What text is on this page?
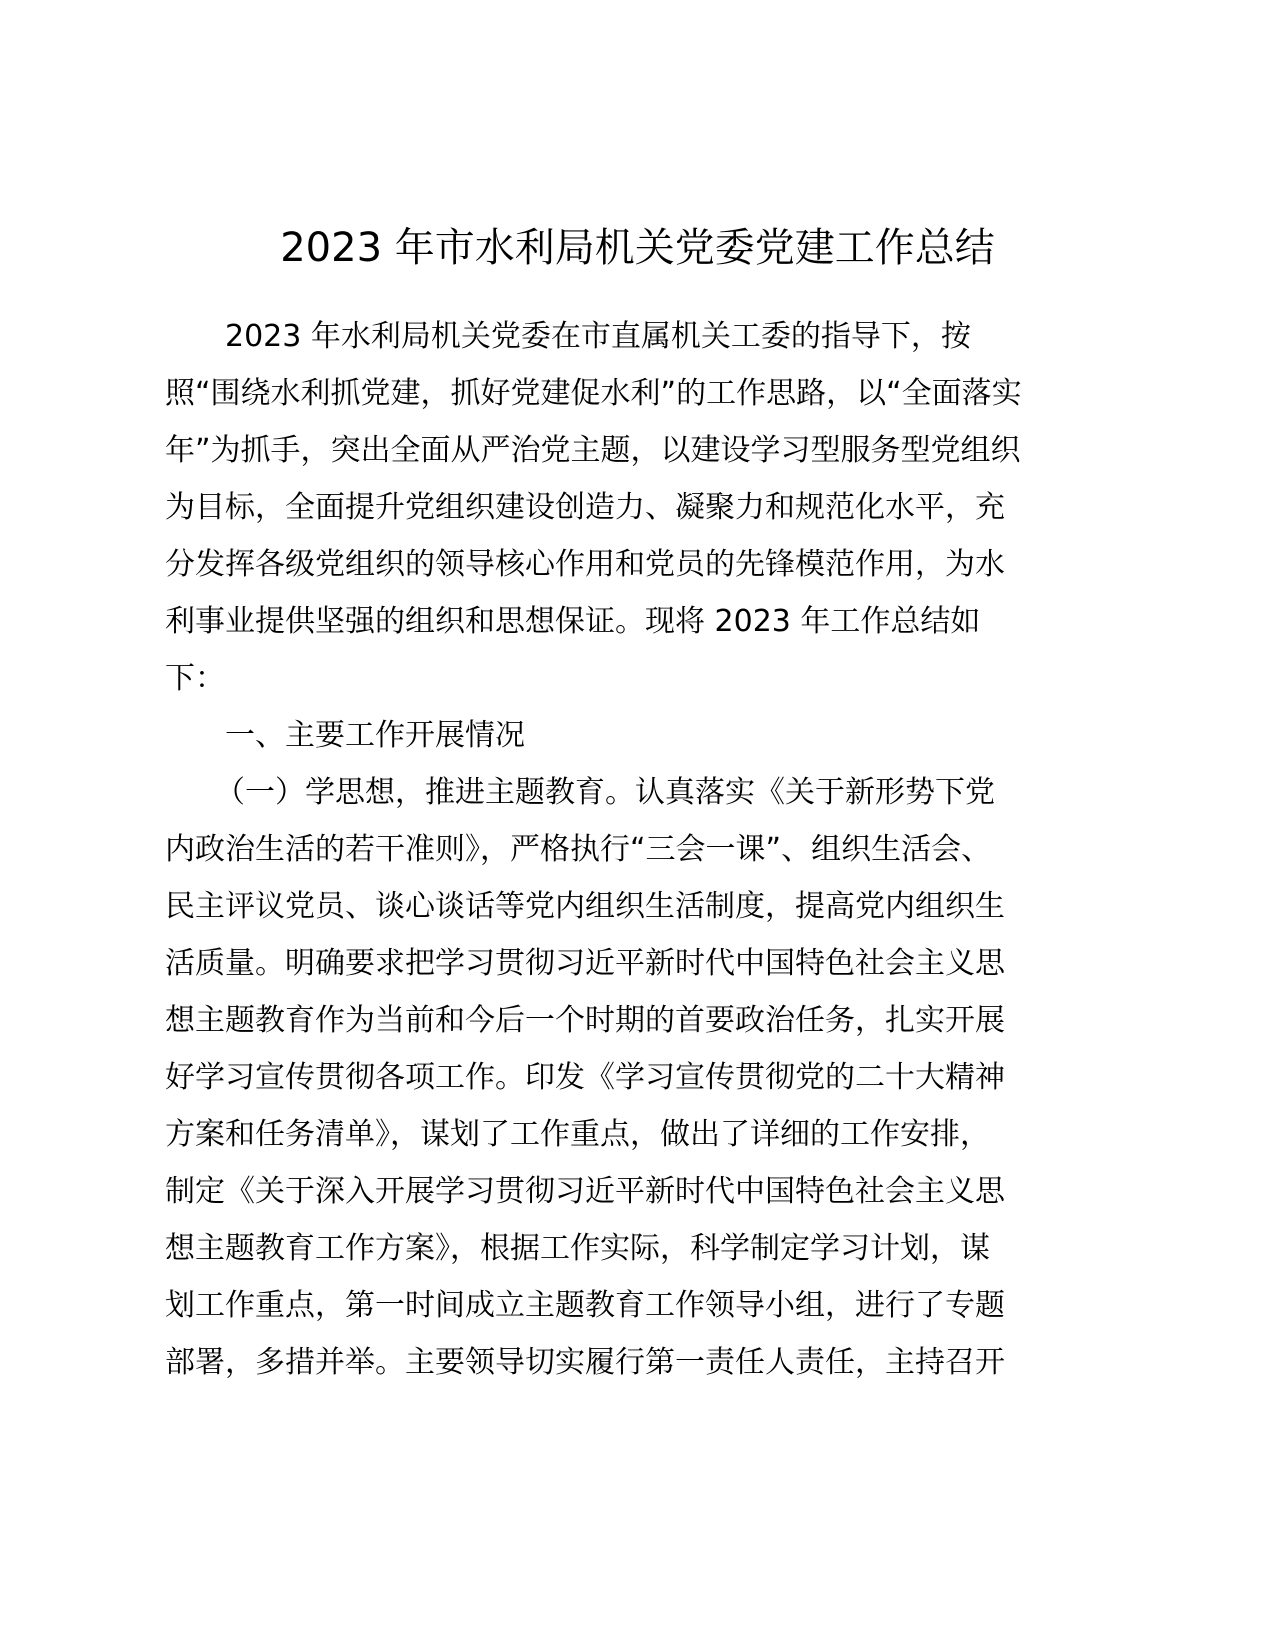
2023 年市水利局机关党委党建工作总结
2023 年水利局机关党委在市直属机关工委的指导下，按
照“围绕水利抓党建，抓好党建促水利”的工作思路，以“全面落实
年”为抓手，突出全面从严治党主题，以建设学习型服务型党组织
为目标，全面提升党组织建设创造力、凝聚力和规范化水平，充
分发挥各级党组织的领导核心作用和党员的先锋模范作用，为水
利事业提供坚强的组织和思想保证。现将 2023 年工作总结如
下：
一、主要工作开展情况
（一）学思想，推进主题教育。认真落实《关于新形势下党
内政治生活的若干准则》，严格执行“三会一课”、组织生活会、
民主评议党员、谈心谈话等党内组织生活制度，提高党内组织生
活质量。明确要求把学习贯彻习近平新时代中国特色社会主义思
想主题教育作为当前和今后一个时期的首要政治任务，扎实开展
好学习宣传贯彻各项工作。印发《学习宣传贯彻党的二十大精神
方案和任务清单》，谋划了工作重点，做出了详细的工作安排，
制定《关于深入开展学习贯彻习近平新时代中国特色社会主义思
想主题教育工作方案》，根据工作实际，科学制定学习计划，谋
划工作重点，第一时间成立主题教育工作领导小组，进行了专题
部署，多措并举。主要领导切实履行第一责任人责任，主持召开
